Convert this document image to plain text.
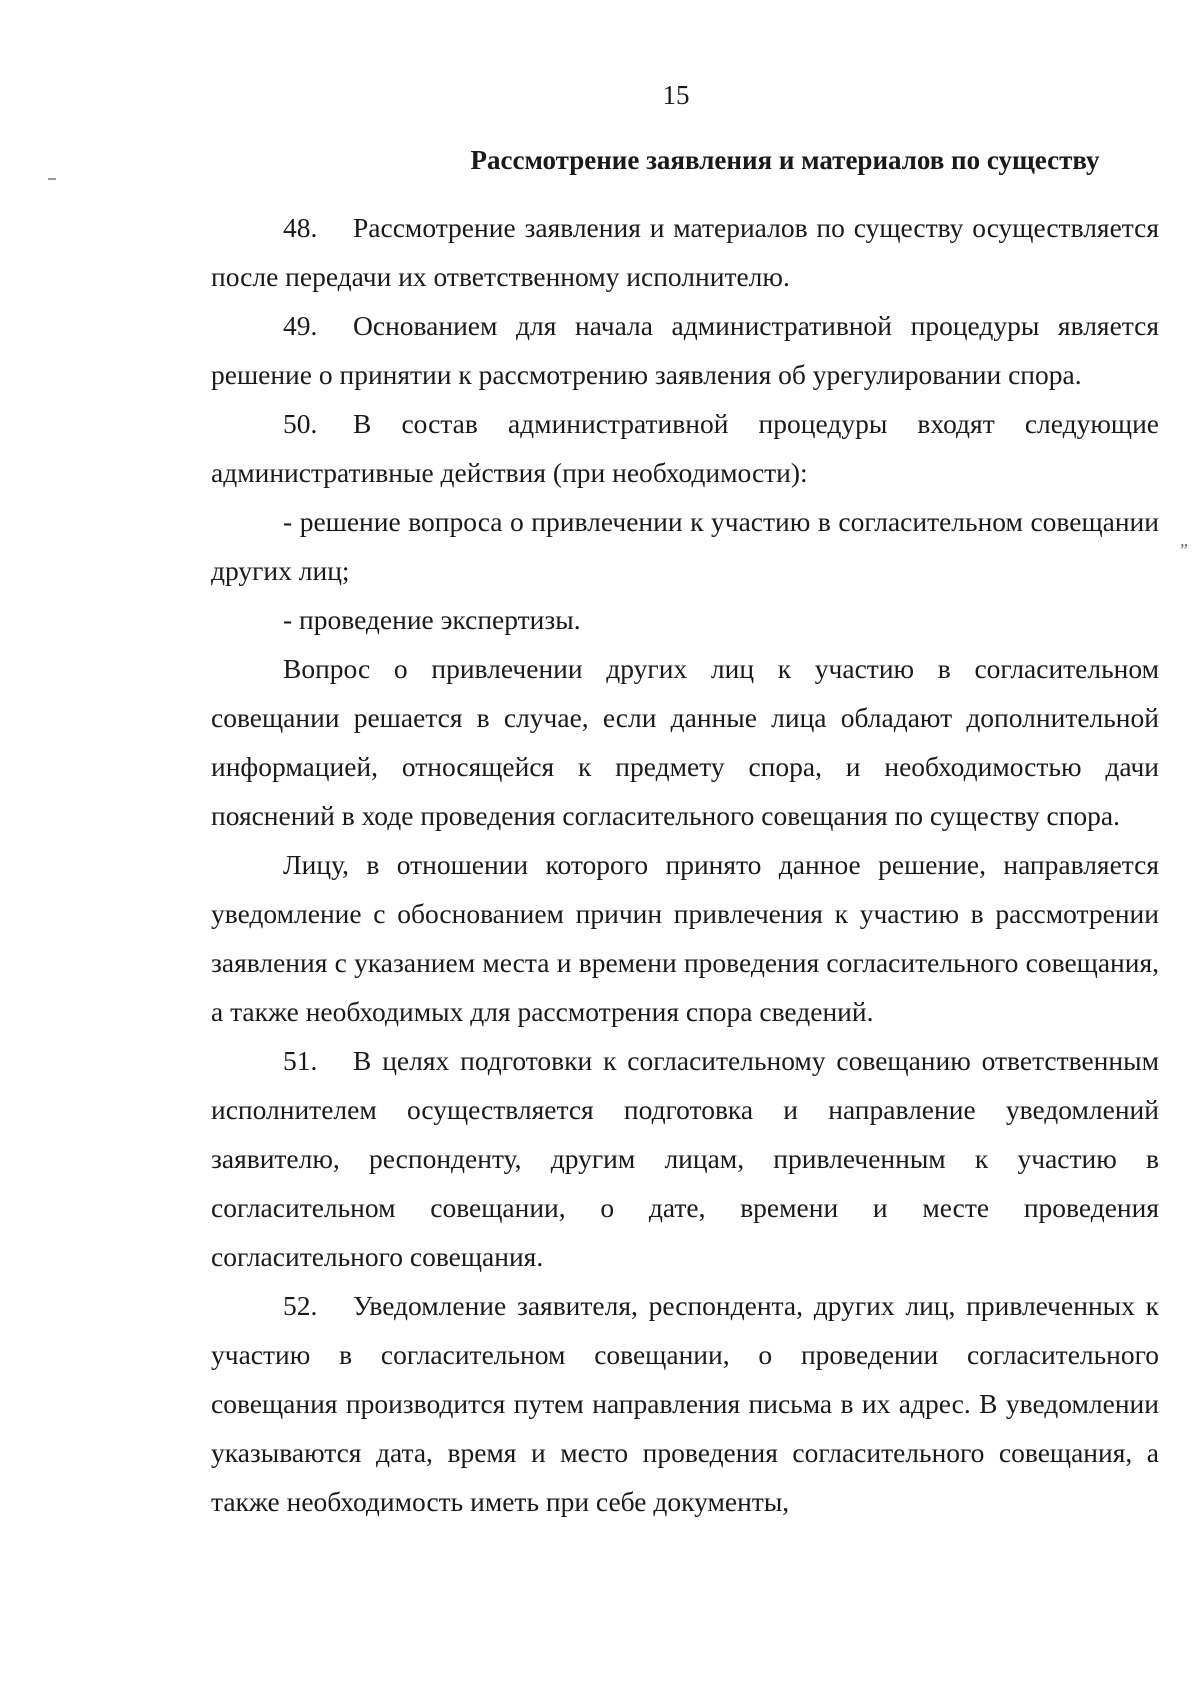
15
Рассмотрение заявления и материалов по существу
”

48. Рассмотрение заявления и материалов по существу осуществляется после передачи их ответственному исполнителю.

49. Основанием для начала административной процедуры является решение о принятии к рассмотрению заявления об урегулировании спора.

50. В состав административной процедуры входят следующие административные действия (при необходимости):

- решение вопроса о привлечении к участию в согласительном совещании других лиц;

- проведение экспертизы.

Вопрос о привлечении других лиц к участию в согласительном совещании решается в случае, если данные лица обладают дополнительной информацией, относящейся к предмету спора, и необходимостью дачи пояснений в ходе проведения согласительного совещания по существу спора.

Лицу, в отношении которого принято данное решение, направляется уведомление с обоснованием причин привлечения к участию в рассмотрении заявления с указанием места и времени проведения согласительного совещания, а также необходимых для рассмотрения спора сведений.

51. В целях подготовки к согласительному совещанию ответственным исполнителем осуществляется подготовка и направление уведомлений заявителю, респонденту, другим лицам, привлеченным к участию в согласительном совещании, о дате, времени и месте проведения согласительного совещания.

52. Уведомление заявителя, респондента, других лиц, привлеченных к участию в согласительном совещании, о проведении согласительного совещания производится путем направления письма в их адрес. В уведомлении указываются дата, время и место проведения согласительного совещания, а также необходимость иметь при себе документы,
